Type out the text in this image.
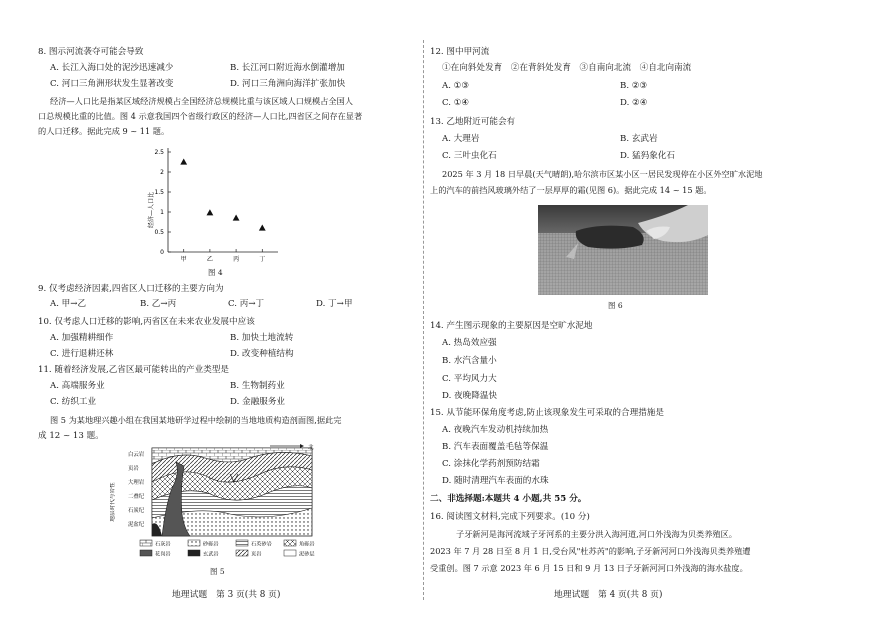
8. 图示河流袭夺可能会导致
A. 长江入海口处的泥沙迅速减少	B. 长江河口附近海水倒灌增加
C. 河口三角洲形状发生显著改变	D. 河口三角洲向海洋扩张加快
经济—人口比是指某区域经济规模占全国经济总规模比重与该区域人口规模占全国人
口总规模比重的比值。图 4 示意我国四个省级行政区的经济—人口比,四省区之间存在显著
的人口迁移。据此完成 9 ~ 11 题。
0
0.5
1
1.5
2
2.5
甲	乙	丙	丁
经济—人口比
图 4
9. 仅考虑经济因素,四省区人口迁移的主要方向为
A. 甲→乙	B. 乙→丙	C. 丙→丁	D. 丁→甲
10. 仅考虑人口迁移的影响,丙省区在未来农业发展中应该
A. 加强精耕细作	B. 加快土地流转
C. 进行退耕还林	D. 改变种植结构
11. 随着经济发展,乙省区最可能转出的产业类型是
A. 高端服务业	B. 生物制药业
C. 纺织工业	D. 金融服务业
图 5 为某地理兴趣小组在我国某地研学过程中绘制的当地地质构造剖面图,据此完
成 12 ~ 13 题。
地层时代与岩性
白云岩
页岩
大理岩
二叠纪
石炭纪
泥盆纪
北
石灰岩	砂砾岩	石英砂岩	角砾岩
花岗岩	玄武岩	页岩	泥砂层
图 5
地理试题　第 3 页(共 8 页)
12. 图中甲河流
①在向斜处发育　②在背斜处发育　③自南向北流　④自北向南流
A. ①③	B. ②③
C. ①④	D. ②④
13. 乙地附近可能会有
A. 大理岩	B. 玄武岩
C. 三叶虫化石	D. 猛犸象化石
2025 年 3 月 18 日早晨(天气晴朗),哈尔滨市区某小区一居民发现停在小区外空旷水泥地
上的汽车的前挡风玻璃外结了一层厚厚的霜(见图 6)。据此完成 14 ~ 15 题。
图 6
14. 产生图示现象的主要原因是空旷水泥地
A. 热岛效应强
B. 水汽含量小
C. 平均风力大
D. 夜晚降温快
15. 从节能环保角度考虑,防止该现象发生可采取的合理措施是
A. 夜晚汽车发动机持续加热
B. 汽车表面覆盖毛毡等保温
C. 涂抹化学药剂预防结霜
D. 随时清理汽车表面的水珠
二、非选择题:本题共 4 小题,共 55 分。
16. 阅读图文材料,完成下列要求。(10 分)
子牙新河是海河流域子牙河系的主要分洪入海河道,河口外浅海为贝类养殖区。
2023 年 7 月 28 日至 8 月 1 日,受台风"杜苏芮"的影响,子牙新河河口外浅海贝类养殖遭
受重创。图 7 示意 2023 年 6 月 15 日和 9 月 13 日子牙新河河口外浅海的海水盐度。
地理试题　第 4 页(共 8 页)
